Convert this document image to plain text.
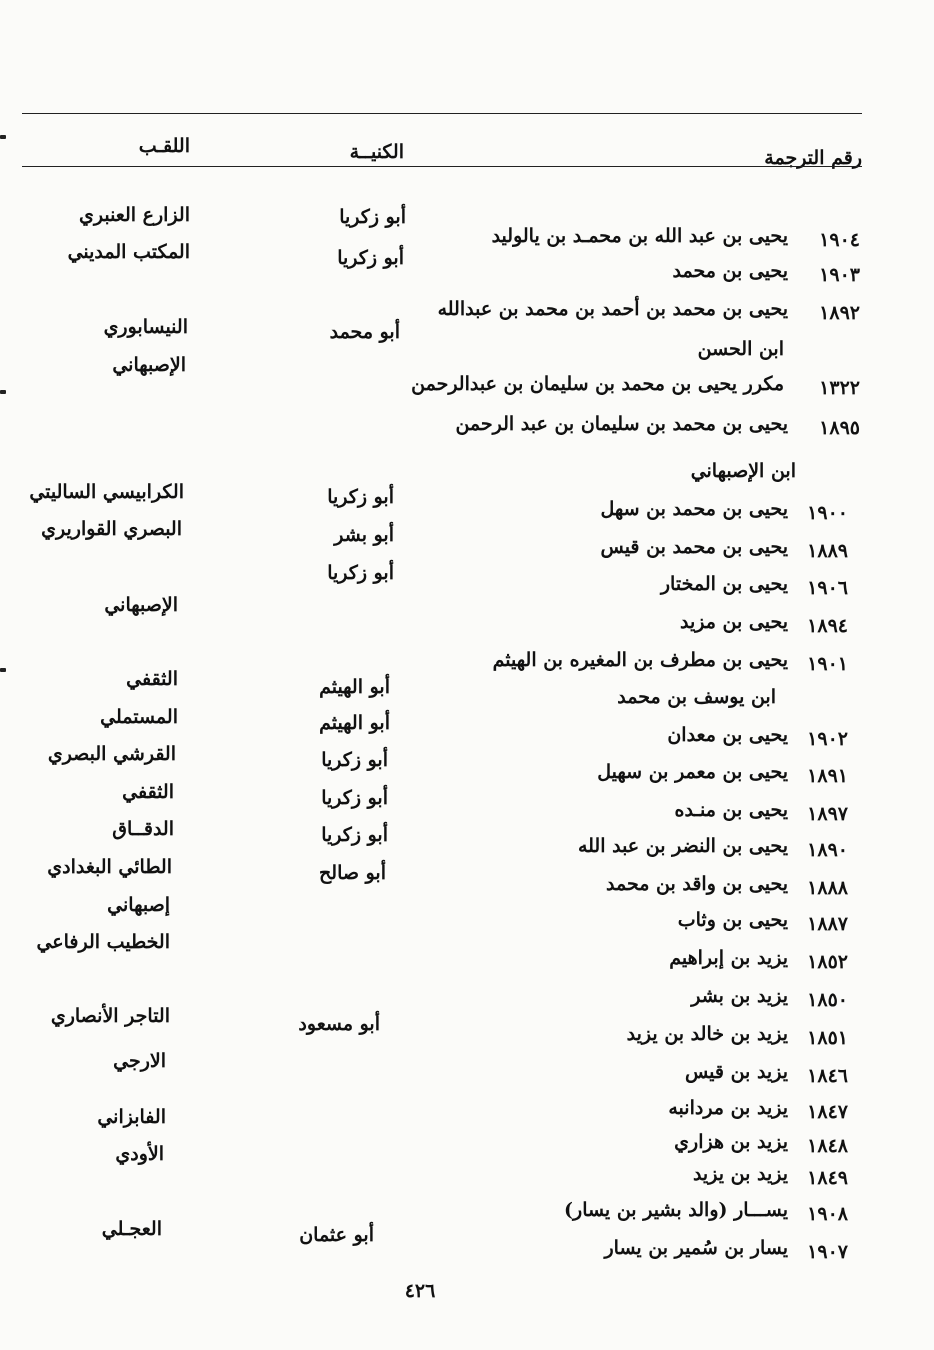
رقم الترجمة
الكنيــة
اللقـب
١٩٠٤
يحيى بن عبد الله بن محمـد بن يالوليد
١٩٠٣
يحيى بن محمد
١٨٩٢
يحيى بن محمد بن أحمد بن محمد بن عبدالله
ابن الحسن
١٣٢٢
مكرر يحيى بن محمد بن سليمان بن عبدالرحمن
١٨٩٥
يحيى بن محمد بن سليمان بن عبد الرحمن
ابن الإصبهاني
١٩٠٠
يحيى بن محمد بن سهل
١٨٨٩
يحيى بن محمد بن قيس
١٩٠٦
يحيى بن المختار
١٨٩٤
يحيى بن مزيد
١٩٠١
يحيى بن مطرف بن المغيره بن الهيثم
ابن يوسف بن محمد
١٩٠٢
يحيى بن معدان
١٨٩١
يحيى بن معمر بن سهيل
١٨٩٧
يحيى بن منـده
١٨٩٠
يحيى بن النضر بن عبد الله
١٨٨٨
يحيى بن واقد بن محمد
١٨٨٧
يحيى بن وثاب
١٨٥٢
يزيد بن إبراهيم
١٨٥٠
يزيد بن بشر
١٨٥١
يزيد بن خالد بن يزيد
١٨٤٦
يزيد بن قيس
١٨٤٧
يزيد بن مردانبه
١٨٤٨
يزيد بن هزاري
١٨٤٩
يزيد بن يزيد
١٩٠٨
يســـار (والد بشير بن يسار)
١٩٠٧
يسار بن سُمير بن يسار
أبو زكريا
أبو زكريا
أبو محمد
أبو زكريا
أبو بشر
أبو زكريا
أبو الهيثم
أبو الهيثم
أبو زكريا
أبو زكريا
أبو زكريا
أبو صالح
أبو مسعود
أبو عثمان
الزارع العنبري
المكتب المديني
النيسابوري
الإصبهاني
الكرابيسي الساليتي
البصري القواريري
الإصبهاني
الثقفي
المستملي
القرشي البصري
الثقفي
الدقــاق
الطائي البغدادي
إصبهاني
الخطيب الرفاعي
التاجر الأنصاري
الارجي
الفابزاني
الأودي
العجـلي
٤٢٦
